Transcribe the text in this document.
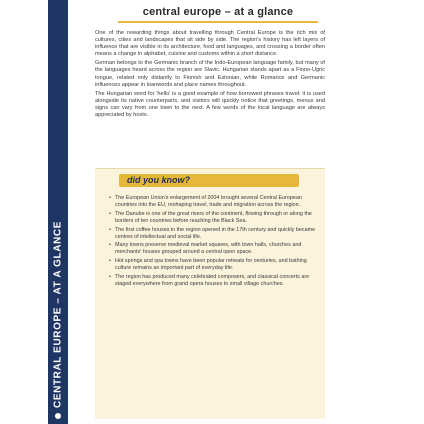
CENTRAL EUROPE – AT A GLANCE
central europe – at a glance

One of the rewarding things about travelling through Central Europe is the rich mix of cultures, cities and landscapes that sit side by side. The region's history has left layers of influence that are visible in its architecture, food and languages, and crossing a border often means a change in alphabet, cuisine and customs within a short distance.

German belongs to the Germanic branch of the Indo-European language family, but many of the languages heard across the region are Slavic. Hungarian stands apart as a Finno-Ugric tongue, related only distantly to Finnish and Estonian, while Romance and Germanic influences appear in loanwords and place names throughout.

The Hungarian word for 'hello' is a good example of how borrowed phrases travel: it is used alongside its native counterparts, and visitors will quickly notice that greetings, menus and signs can vary from one town to the next. A few words of the local language are always appreciated by hosts.

did you know?
• The European Union's enlargement of 2004 brought several Central European countries into the EU, reshaping travel, trade and migration across the region.
• The Danube is one of the great rivers of the continent, flowing through or along the borders of ten countries before reaching the Black Sea.
• The first coffee houses in the region opened in the 17th century and quickly became centres of intellectual and social life.
• Many towns preserve medieval market squares, with town halls, churches and merchants' houses grouped around a central open space.
• Hot springs and spa towns have been popular retreats for centuries, and bathing culture remains an important part of everyday life.
• The region has produced many celebrated composers, and classical concerts are staged everywhere from grand opera houses to small village churches.
